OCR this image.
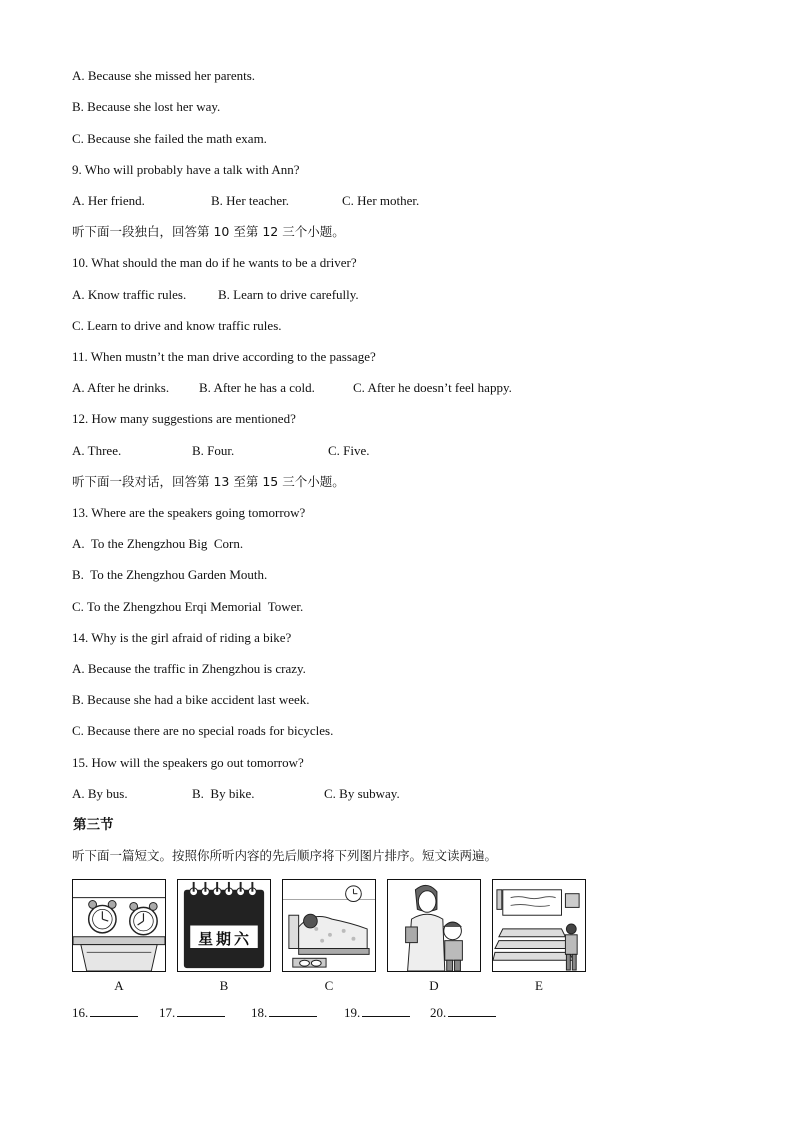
A. Because she missed her parents.
B. Because she lost her way.
C. Because she failed the math exam.
9. Who will probably have a talk with Ann?
A. Her friend.	B. Her teacher.	C. Her mother.
听下面一段独白，回答第 10 至第 12 三个小题。
10. What should the man do if he wants to be a driver?
A. Know traffic rules. B. Learn to drive carefully.
C. Learn to drive and know traffic rules.
11. When mustn’t the man drive according to the passage?
A. After he drinks. B. After he has a cold.	C. After he doesn’t feel happy.
12. How many suggestions are mentioned?
A. Three.	B. Four.	C. Five.
听下面一段对话，回答第 13 至第 15 三个小题。
13. Where are the speakers going tomorrow?
A.  To the Zhengzhou Big  Corn.
B.  To the Zhengzhou Garden Mouth.
C. To the Zhengzhou Erqi Memorial  Tower.
14. Why is the girl afraid of riding a bike?
A. Because the traffic in Zhengzhou is crazy.
B. Because she had a bike accident last week.
C. Because there are no special roads for bicycles.
15. How will the speakers go out tomorrow?
A. By bus.	B.  By bike.	C. By subway.
第三节
听下面一篇短文。按照你所听内容的先后顺序将下列图片排序。短文读两遍。
星期六
A	B	C	D	E
16.	17.	18.	19.	20.
